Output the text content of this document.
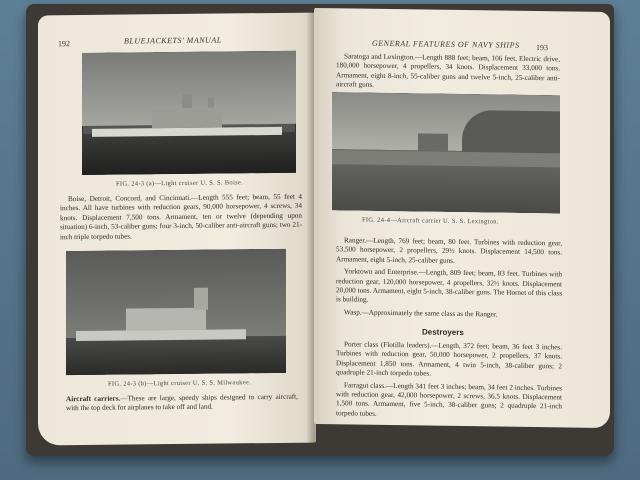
192	BLUEJACKETS' MANUAL
FIG. 24-3 (a)—Light cruiser U. S. S. Boise.

Boise, Detroit, Concord, and Cincinnati.—Length 555 feet; beam, 55 feet 4 inches. All have turbines with reduction gears, 90,000 horsepower, 4 screws, 34 knots. Displacement 7,500 tons. Armament, ten or twelve (depending upon situation) 6-inch, 53-caliber guns; four 3-inch, 50-caliber anti-aircraft guns; two 21-inch triple torpedo tubes.

FIG. 24-3 (b)—Light cruiser U. S. S. Milwaukee.

Aircraft carriers.—These are large, speedy ships designed to carry aircraft, with the top deck for airplanes to take off and land.

GENERAL FEATURES OF NAVY SHIPS 193

Saratoga and Lexington.—Length 888 feet; beam, 106 feet. Electric drive, 180,000 horsepower, 4 propellers, 34 knots. Displacement 33,000 tons. Armament, eight 8-inch, 55-caliber guns and twelve 5-inch, 25-caliber anti-aircraft guns.

FIG. 24-4—Aircraft carrier U. S. S. Lexington.

Ranger.—Length, 769 feet; beam, 80 feet. Turbines with reduction gear, 53,500 horsepower, 2 propellers, 29½ knots. Displacement 14,500 tons. Armament, eight 5-inch, 25-caliber guns.

Yorktown and Enterprise.—Length, 809 feet; beam, 83 feet. Turbines with reduction gear, 120,000 horsepower, 4 propellers, 32½ knots. Displacement 20,000 tons. Armament, eight 5-inch, 38-caliber guns. The Hornet of this class is building.

Wasp.—Approximately the same class as the Ranger.

Destroyers

Porter class (Flotilla leaders).—Length, 372 feet; beam, 36 feet 3 inches. Turbines with reduction gear, 50,000 horsepower, 2 propellers, 37 knots. Displacement 1,850 tons. Armament, 4 twin 5-inch, 38-caliber guns; 2 quadruple 21-inch torpedo tubes.

Farragut class.—Length 341 feet 3 inches; beam, 34 feet 2 inches. Turbines with reduction gear, 42,000 horsepower, 2 screws, 36.5 knots. Displacement 1,500 tons. Armament, five 5-inch, 38-caliber guns; 2 quadruple 21-inch torpedo tubes.
